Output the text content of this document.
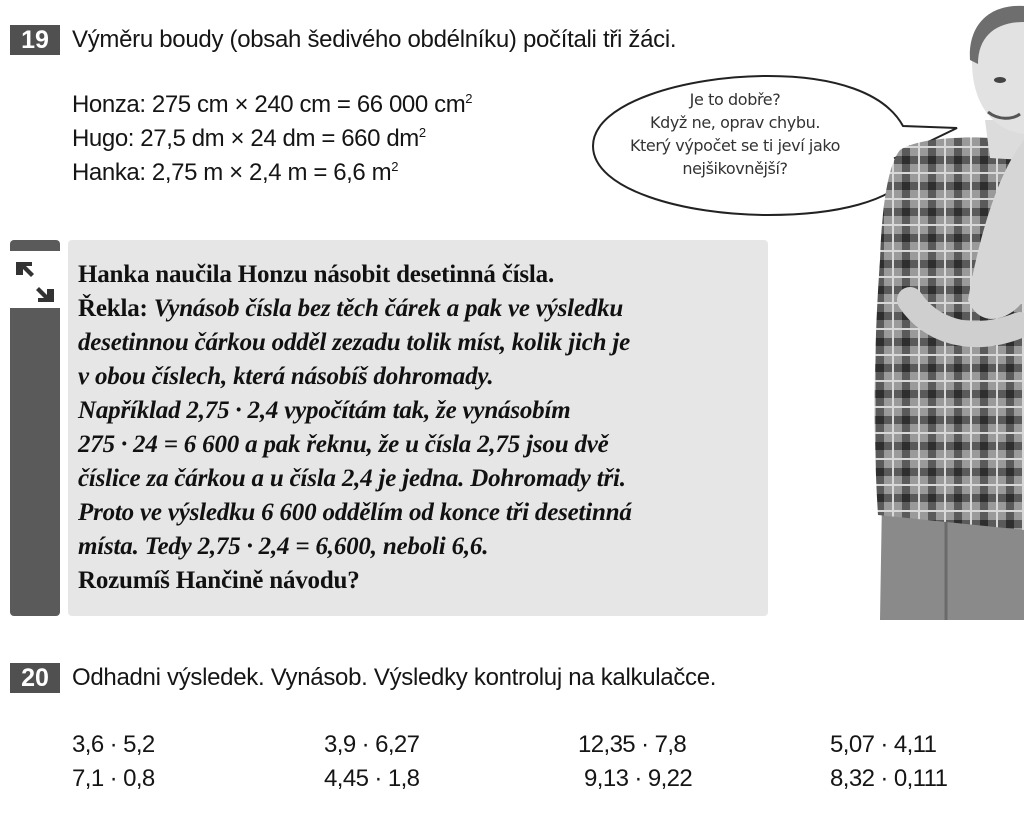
19 Výměru boudy (obsah šedivého obdélníku) počítali tři žáci.
Honza: 275 cm × 240 cm = 66 000 $cm^2$
Hugo: 27,5 dm × 24 dm = 660 $dm^2$
Hanka: 2,75 m × 2,4 m = 6,6 $m^2$
Je to dobře?
Když ne, oprav chybu.
Který výpočet se ti jeví jako
nejšikovnější?
Hanka naučila Honzu násobit desetinná čísla.
Řekla: Vynásob čísla bez těch čárek a pak ve výsledku
desetinnou čárkou odděl zezadu tolik míst, kolik jich je
v obou číslech, která násobíš dohromady.
Například 2,75 · 2,4 vypočítám tak, že vynásobím
275 · 24 = 6 600 a pak řeknu, že u čísla 2,75 jsou dvě
číslice za čárkou a u čísla 2,4 je jedna. Dohromady tři.
Proto ve výsledku 6 600 oddělím od konce tři desetinná
místa. Tedy 2,75 · 2,4 = 6,600, neboli 6,6.
Rozumíš Hančině návodu?
20 Odhadni výsledek. Vynásob. Výsledky kontroluj na kalkulačce.
3,6 · 5,2	3,9 · 6,27	12,35 · 7,8	5,07 · 4,11
7,1 · 0,8	4,45 · 1,8	9,13 · 9,22	8,32 · 0,111
